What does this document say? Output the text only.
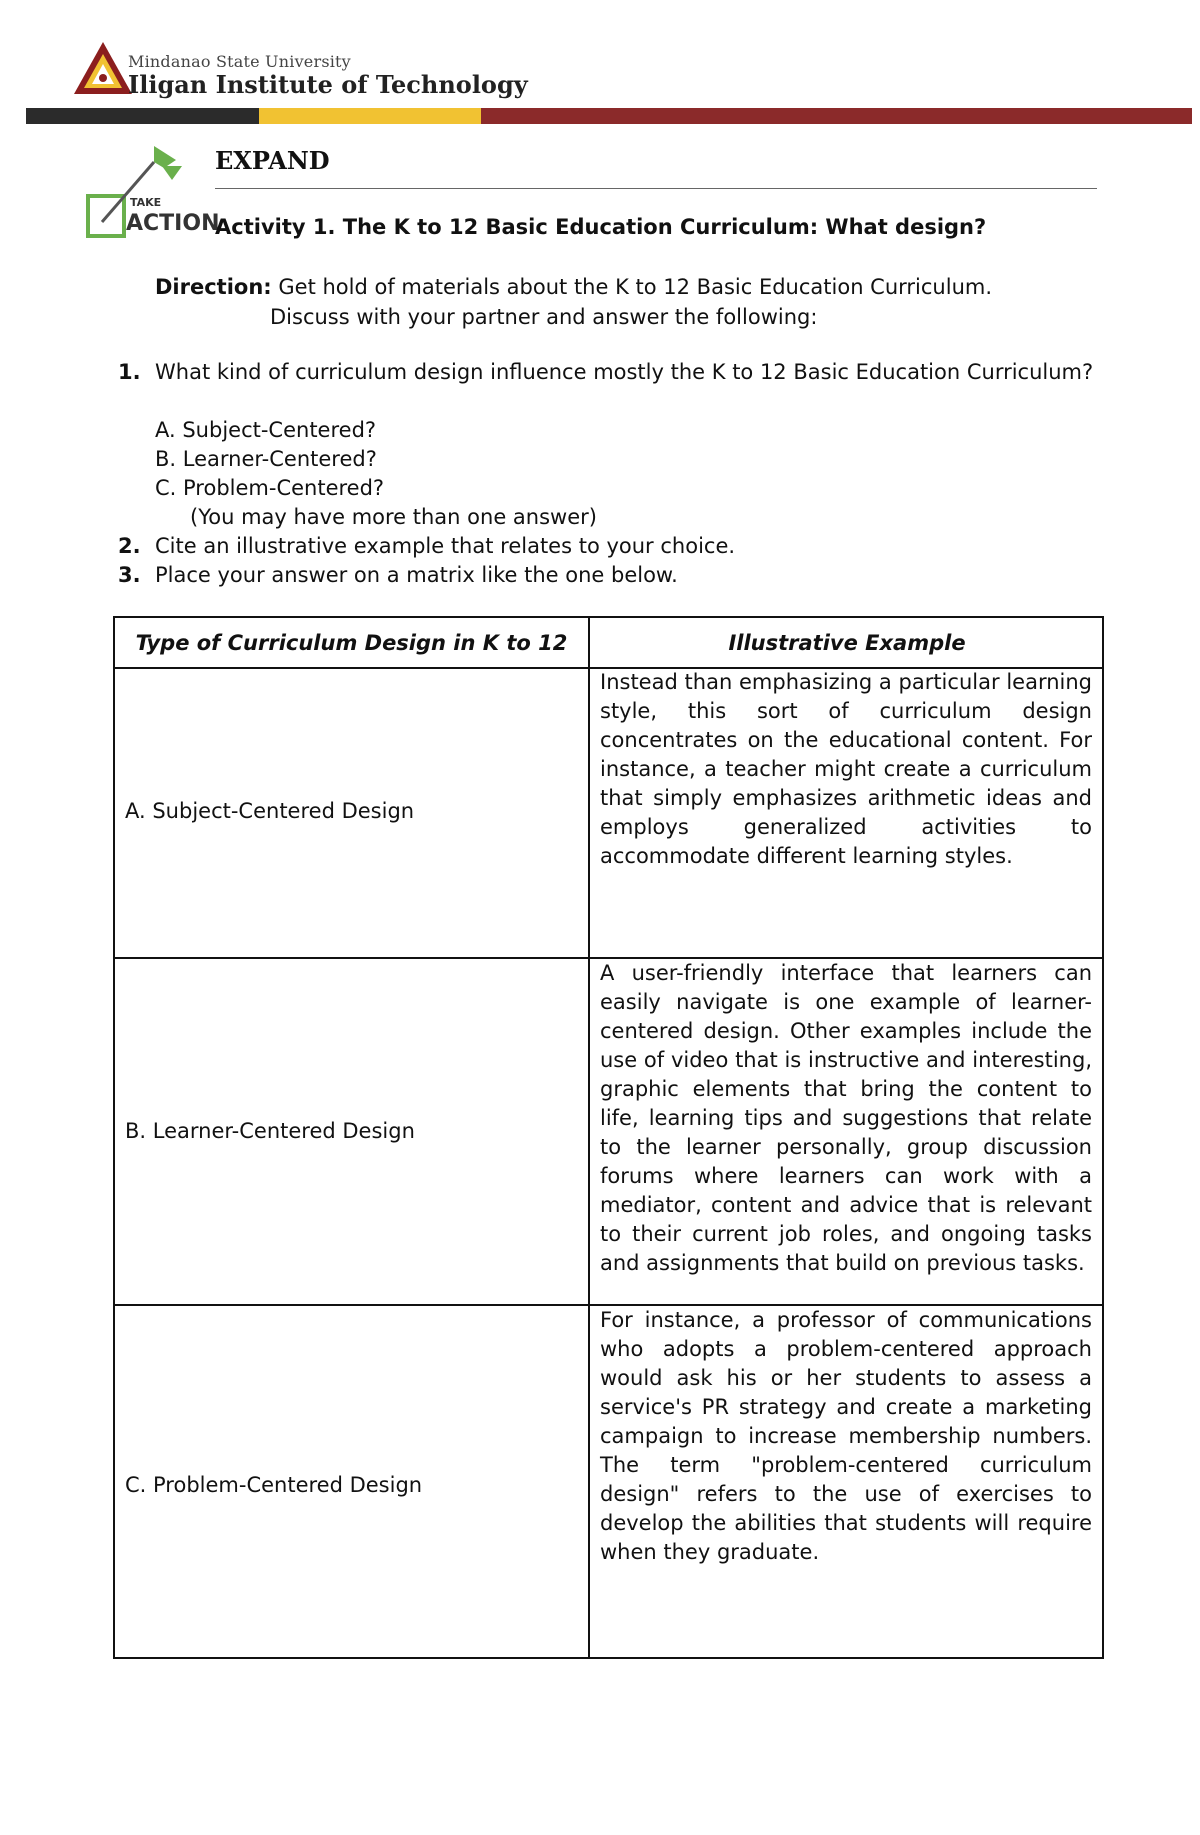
Mindanao State University
Iligan Institute of Technology
TAKE
ACTION
EXPAND
Activity 1. The K to 12 Basic Education Curriculum: What design?
Direction: Get hold of materials about the K to 12 Basic Education Curriculum.
Discuss with your partner and answer the following:
1. What kind of curriculum design influence mostly the K to 12 Basic Education Curriculum?
A. Subject-Centered?
B. Learner-Centered?
C. Problem-Centered?
(You may have more than one answer)
2. Cite an illustrative example that relates to your choice.
3. Place your answer on a matrix like the one below.
Type of Curriculum Design in K to 12	Illustrative Example
A. Subject-Centered Design
Instead than emphasizing a particular learning style, this sort of curriculum design concentrates on the educational content. For instance, a teacher might create a curriculum that simply emphasizes arithmetic ideas and employs generalized activities to accommodate different learning styles.
B. Learner-Centered Design
A user-friendly interface that learners can easily navigate is one example of learner-centered design. Other examples include the use of video that is instructive and interesting, graphic elements that bring the content to life, learning tips and suggestions that relate to the learner personally, group discussion forums where learners can work with a mediator, content and advice that is relevant to their current job roles, and ongoing tasks and assignments that build on previous tasks.
C. Problem-Centered Design
For instance, a professor of communications who adopts a problem-centered approach would ask his or her students to assess a service's PR strategy and create a marketing campaign to increase membership numbers. The term "problem-centered curriculum design" refers to the use of exercises to develop the abilities that students will require when they graduate.
